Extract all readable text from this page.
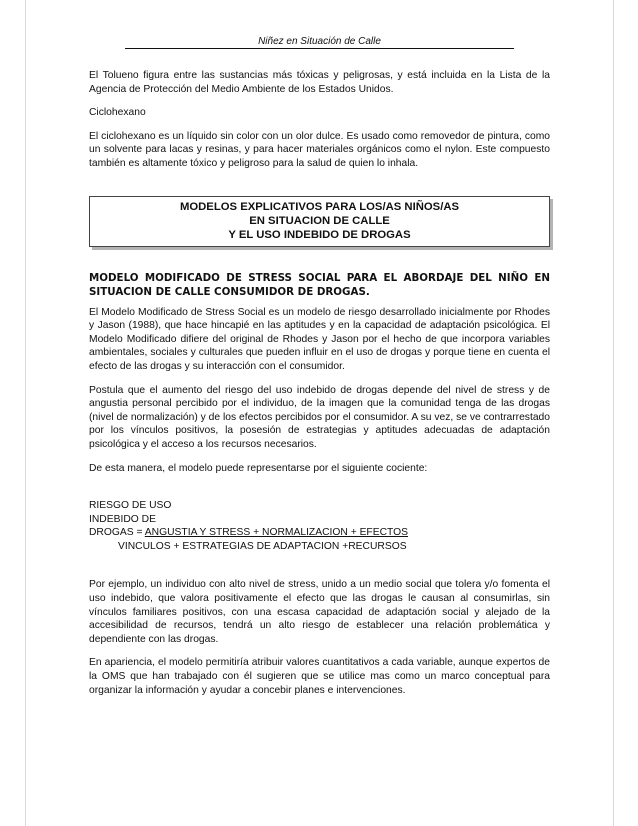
Niñez en Situación de Calle

El Tolueno figura entre las sustancias más tóxicas y peligrosas, y está incluida en la Lista de la Agencia de Protección del Medio Ambiente de los Estados Unidos.

Ciclohexano

El ciclohexano es un líquido sin color con un olor dulce. Es usado como removedor de pintura, como un solvente para lacas y resinas, y para hacer materiales orgánicos como el nylon. Este compuesto también es altamente tóxico y peligroso para la salud de quien lo inhala.

MODELOS EXPLICATIVOS PARA LOS/AS NIÑOS/AS
EN SITUACION DE CALLE
Y EL USO INDEBIDO DE DROGAS

MODELO MODIFICADO DE STRESS SOCIAL PARA EL ABORDAJE DEL NIÑO EN SITUACION DE CALLE CONSUMIDOR DE DROGAS.

El Modelo Modificado de Stress Social es un modelo de riesgo desarrollado inicialmente por Rhodes y Jason (1988), que hace hincapié en las aptitudes y en la capacidad de adaptación psicológica. El Modelo Modificado difiere del original de Rhodes y Jason por el hecho de que incorpora variables ambientales, sociales y culturales que pueden influir en el uso de drogas y porque tiene en cuenta el efecto de las drogas y su interacción con el consumidor.

Postula que el aumento del riesgo del uso indebido de drogas depende del nivel de stress y de angustia personal percibido por el individuo, de la imagen que la comunidad tenga de las drogas (nivel de normalización) y de los efectos percibidos por el consumidor. A su vez, se ve contrarrestado por los vínculos positivos, la posesión de estrategias y aptitudes adecuadas de adaptación psicológica y el acceso a los recursos necesarios.

De esta manera, el modelo puede representarse por el siguiente cociente:

RIESGO DE USO

INDEBIDO DE

DROGAS = ANGUSTIA Y STRESS + NORMALIZACION + EFECTOS

VINCULOS + ESTRATEGIAS DE ADAPTACION +RECURSOS

Por ejemplo, un individuo con alto nivel de stress, unido a un medio social que tolera y/o fomenta el uso indebido, que valora positivamente el efecto que las drogas le causan al consumirlas, sin vínculos familiares positivos, con una escasa capacidad de adaptación social y alejado de la accesibilidad de recursos, tendrá un alto riesgo de establecer una relación problemática y dependiente con las drogas.

En apariencia, el modelo permitiría atribuir valores cuantitativos a cada variable, aunque expertos de la OMS que han trabajado con él sugieren que se utilice mas como un marco conceptual para organizar la información y ayudar a concebir planes e intervenciones.
